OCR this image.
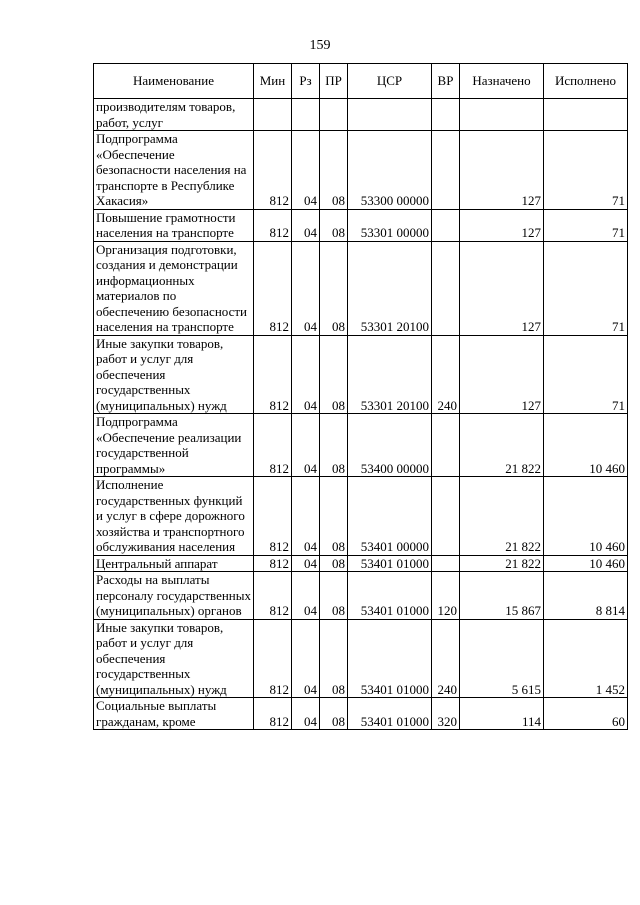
159
Наименование	Мин	Рз	ПР	ЦСР	ВР	Назначено	Исполнено
производителям товаров, работ, услуг							
Подпрограмма «Обеспечение безопасности населения на транспорте в Республике Хакасия»	812	04	08	53300 00000		127	71
Повышение грамотности населения на транспорте	812	04	08	53301 00000		127	71
Организация подготовки, создания и демонстрации информационных материалов по обеспечению безопасности населения на транспорте	812	04	08	53301 20100		127	71
Иные закупки товаров, работ и услуг для обеспечения государственных (муниципальных) нужд	812	04	08	53301 20100	240	127	71
Подпрограмма «Обеспечение реализации государственной программы»	812	04	08	53400 00000		21 822	10 460
Исполнение государственных функций и услуг в сфере дорожного хозяйства и транспортного обслуживания населения	812	04	08	53401 00000		21 822	10 460
Центральный аппарат	812	04	08	53401 01000		21 822	10 460
Расходы на выплаты персоналу государственных (муниципальных) органов	812	04	08	53401 01000	120	15 867	8 814
Иные закупки товаров, работ и услуг для обеспечения государственных (муниципальных) нужд	812	04	08	53401 01000	240	5 615	1 452
Социальные выплаты гражданам, кроме	812	04	08	53401 01000	320	114	60
